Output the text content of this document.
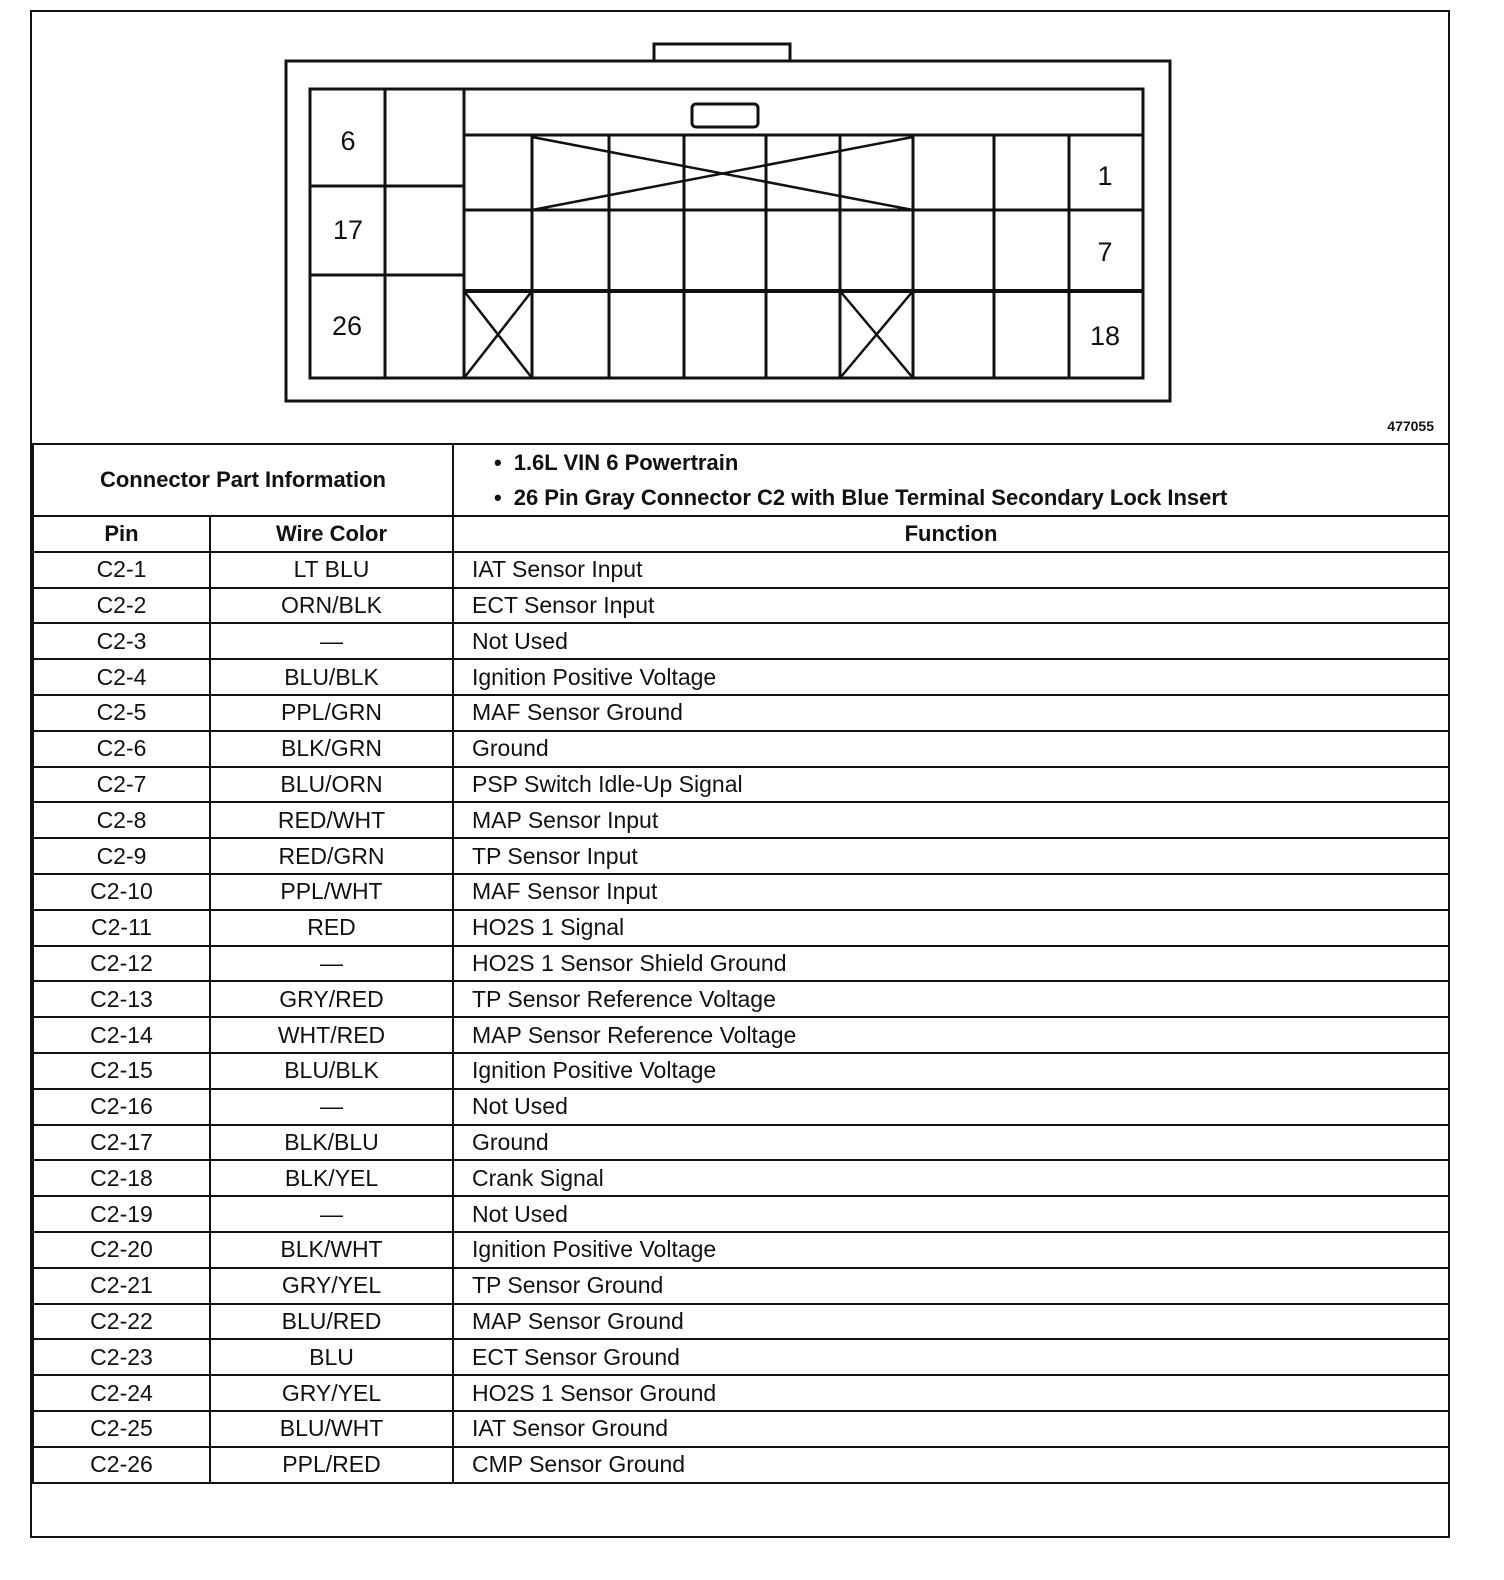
6
17
26
1
7
18
477055
Connector Part Information		• 1.6L VIN 6 Powertrain
• 26 Pin Gray Connector C2 with Blue Terminal Secondary Lock Insert

Pin	Wire Color	Function
C2-1	LT BLU	IAT Sensor Input
C2-2	ORN/BLK	ECT Sensor Input
C2-3	—	Not Used
C2-4	BLU/BLK	Ignition Positive Voltage
C2-5	PPL/GRN	MAF Sensor Ground
C2-6	BLK/GRN	Ground
C2-7	BLU/ORN	PSP Switch Idle-Up Signal
C2-8	RED/WHT	MAP Sensor Input
C2-9	RED/GRN	TP Sensor Input
C2-10	PPL/WHT	MAF Sensor Input
C2-11	RED	HO2S 1 Signal
C2-12	—	HO2S 1 Sensor Shield Ground
C2-13	GRY/RED	TP Sensor Reference Voltage
C2-14	WHT/RED	MAP Sensor Reference Voltage
C2-15	BLU/BLK	Ignition Positive Voltage
C2-16	—	Not Used
C2-17	BLK/BLU	Ground
C2-18	BLK/YEL	Crank Signal
C2-19	—	Not Used
C2-20	BLK/WHT	Ignition Positive Voltage
C2-21	GRY/YEL	TP Sensor Ground
C2-22	BLU/RED	MAP Sensor Ground
C2-23	BLU	ECT Sensor Ground
C2-24	GRY/YEL	HO2S 1 Sensor Ground
C2-25	BLU/WHT	IAT Sensor Ground
C2-26	PPL/RED	CMP Sensor Ground
